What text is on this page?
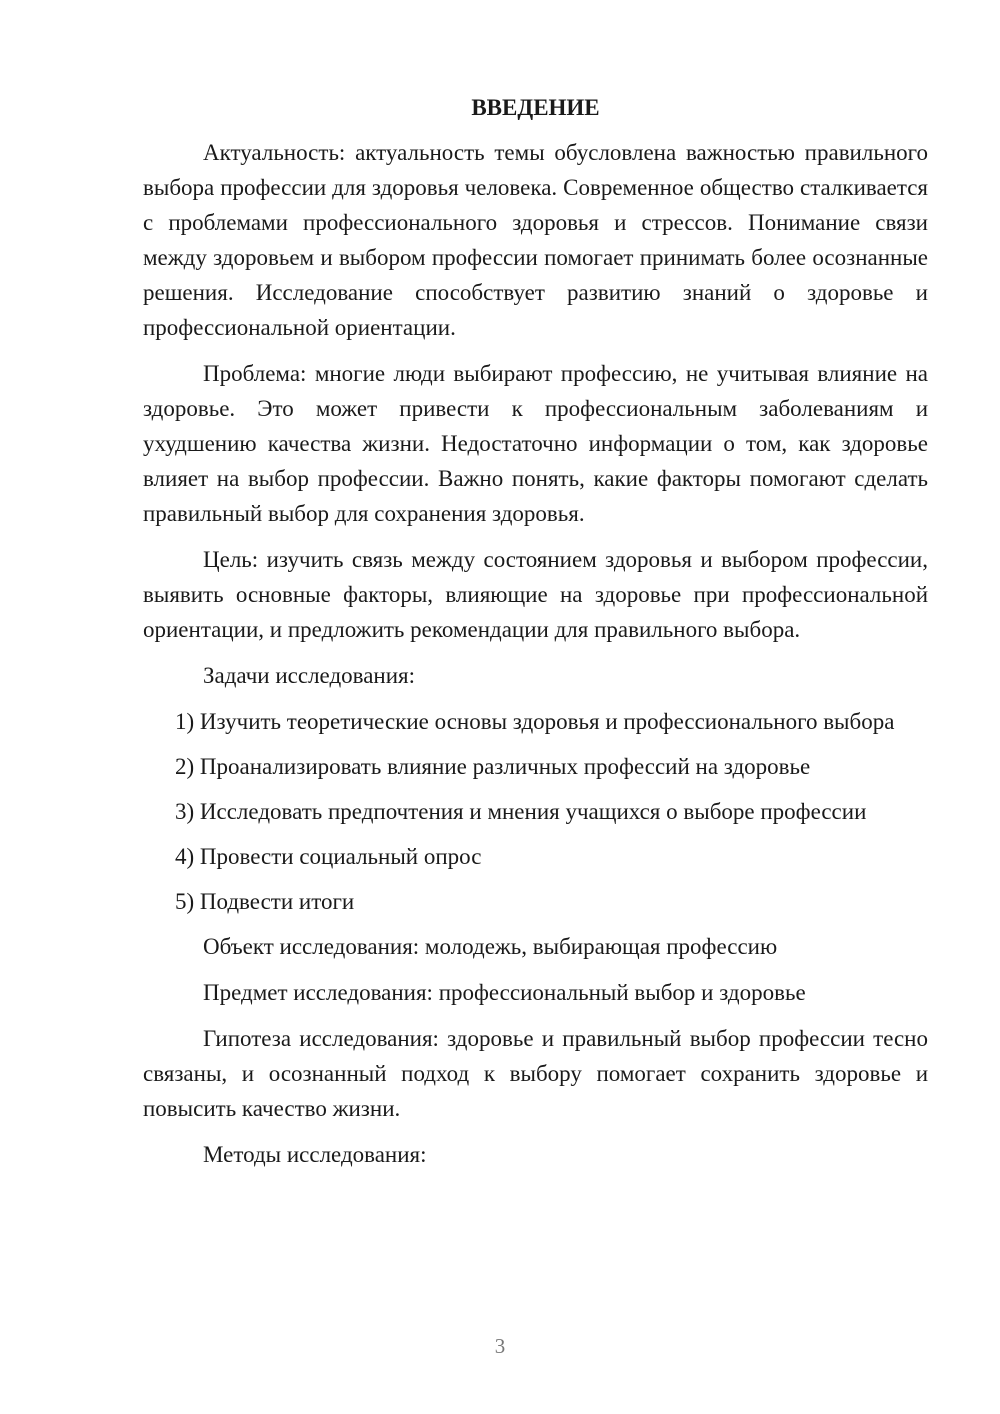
ВВЕДЕНИЕ

Актуальность: актуальность темы обусловлена важностью правильного выбора профессии для здоровья человека. Современное общество сталкивается с проблемами профессионального здоровья и стрессов. Понимание связи между здоровьем и выбором профессии помогает принимать более осознанные решения. Исследование способствует развитию знаний о здоровье и профессиональной ориентации.

Проблема: многие люди выбирают профессию, не учитывая влияние на здоровье. Это может привести к профессиональным заболеваниям и ухудшению качества жизни. Недостаточно информации о том, как здоровье влияет на выбор профессии. Важно понять, какие факторы помогают сделать правильный выбор для сохранения здоровья.

Цель: изучить связь между состоянием здоровья и выбором профессии, выявить основные факторы, влияющие на здоровье при профессиональной ориентации, и предложить рекомендации для правильного выбора.

Задачи исследования:

1) Изучить теоретические основы здоровья и профессионального выбора

2) Проанализировать влияние различных профессий на здоровье

3) Исследовать предпочтения и мнения учащихся о выборе профессии

4) Провести социальный опрос

5) Подвести итоги

Объект исследования: молодежь, выбирающая профессию

Предмет исследования: профессиональный выбор и здоровье

Гипотеза исследования: здоровье и правильный выбор профессии тесно связаны, и осознанный подход к выбору помогает сохранить здоровье и повысить качество жизни.

Методы исследования:

3
